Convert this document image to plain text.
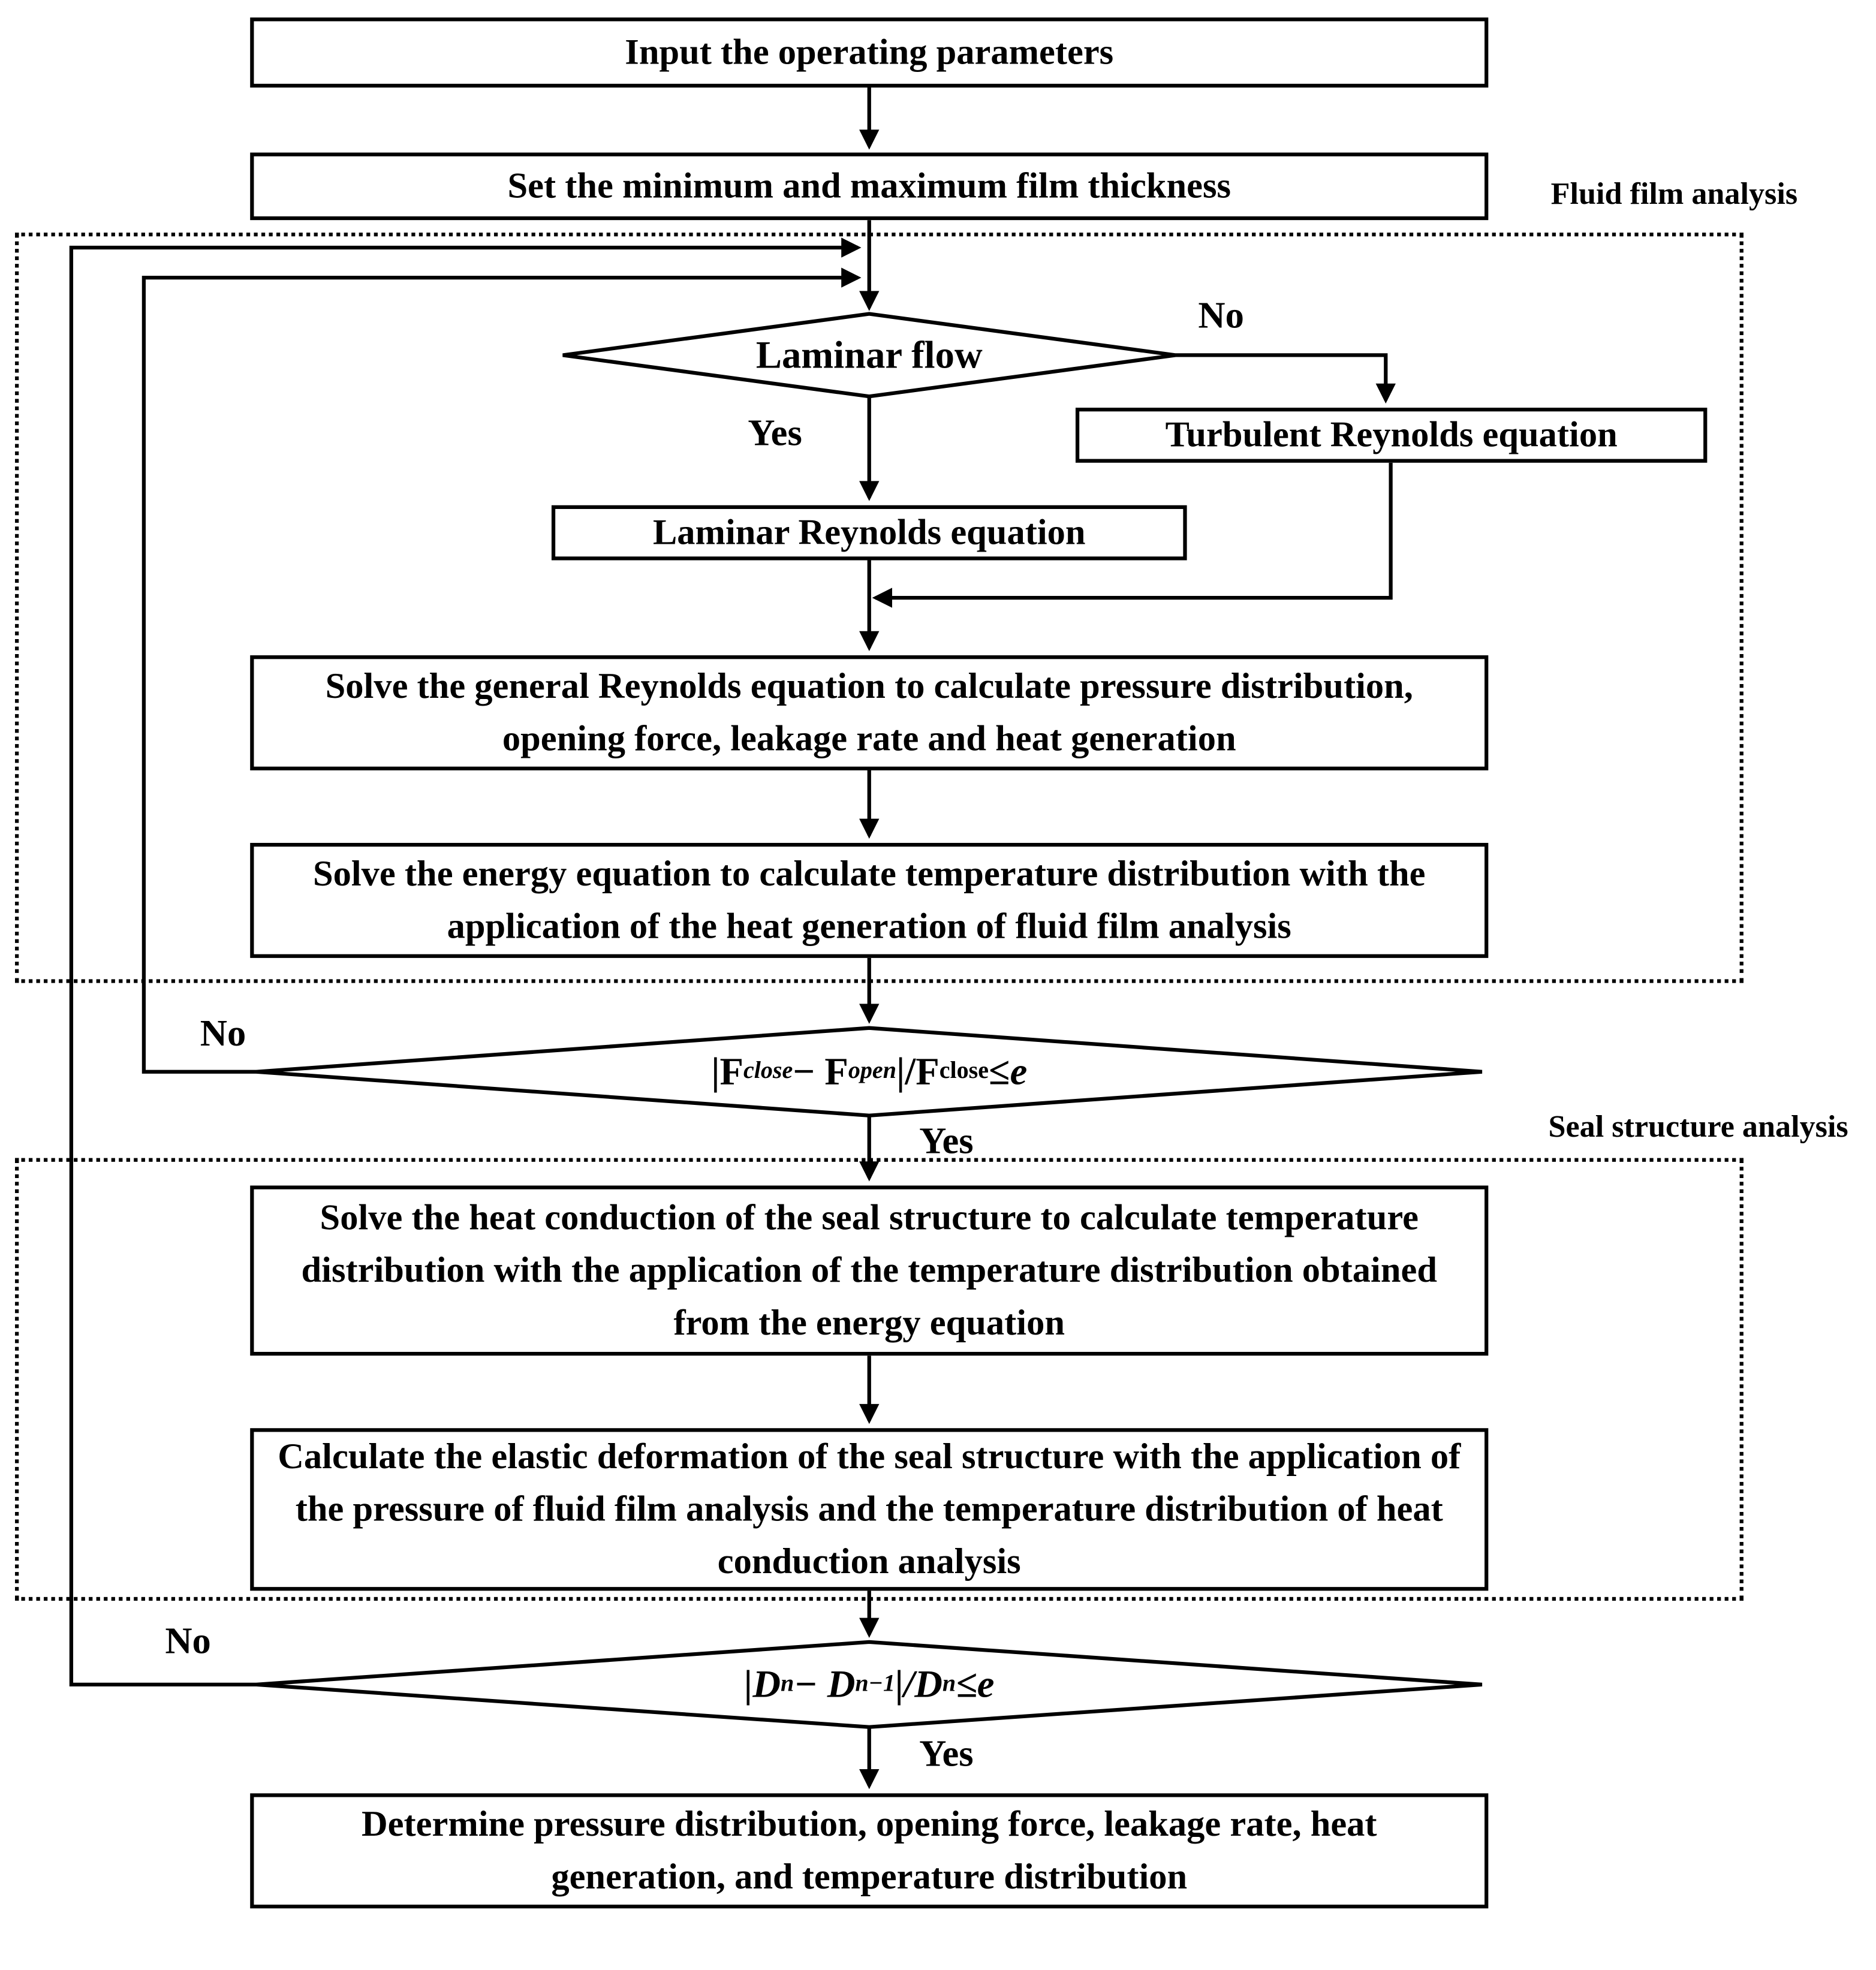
Fluid film analysis
Seal structure analysis
Input the operating parameters
Set the minimum and maximum film thickness
Turbulent Reynolds equation
Laminar Reynolds equation
Solve the general Reynolds equation to calculate pressure distribution, opening force, leakage rate and heat generation
Solve the energy equation to calculate temperature distribution with the application of the heat generation of fluid film analysis
Solve the heat conduction of the seal structure to calculate temperature distribution with the application of the temperature distribution obtained from the energy equation
Calculate the elastic deformation of the seal structure with the application of the pressure of fluid film analysis and the temperature distribution of heat conduction analysis
Determine pressure distribution, opening force, leakage rate, heat generation, and temperature distribution
Laminar flow
|F close − F open |/F close ≤ e
|D n − D n−1 |/D n ≤ e
No
Yes
No
Yes
No
Yes
